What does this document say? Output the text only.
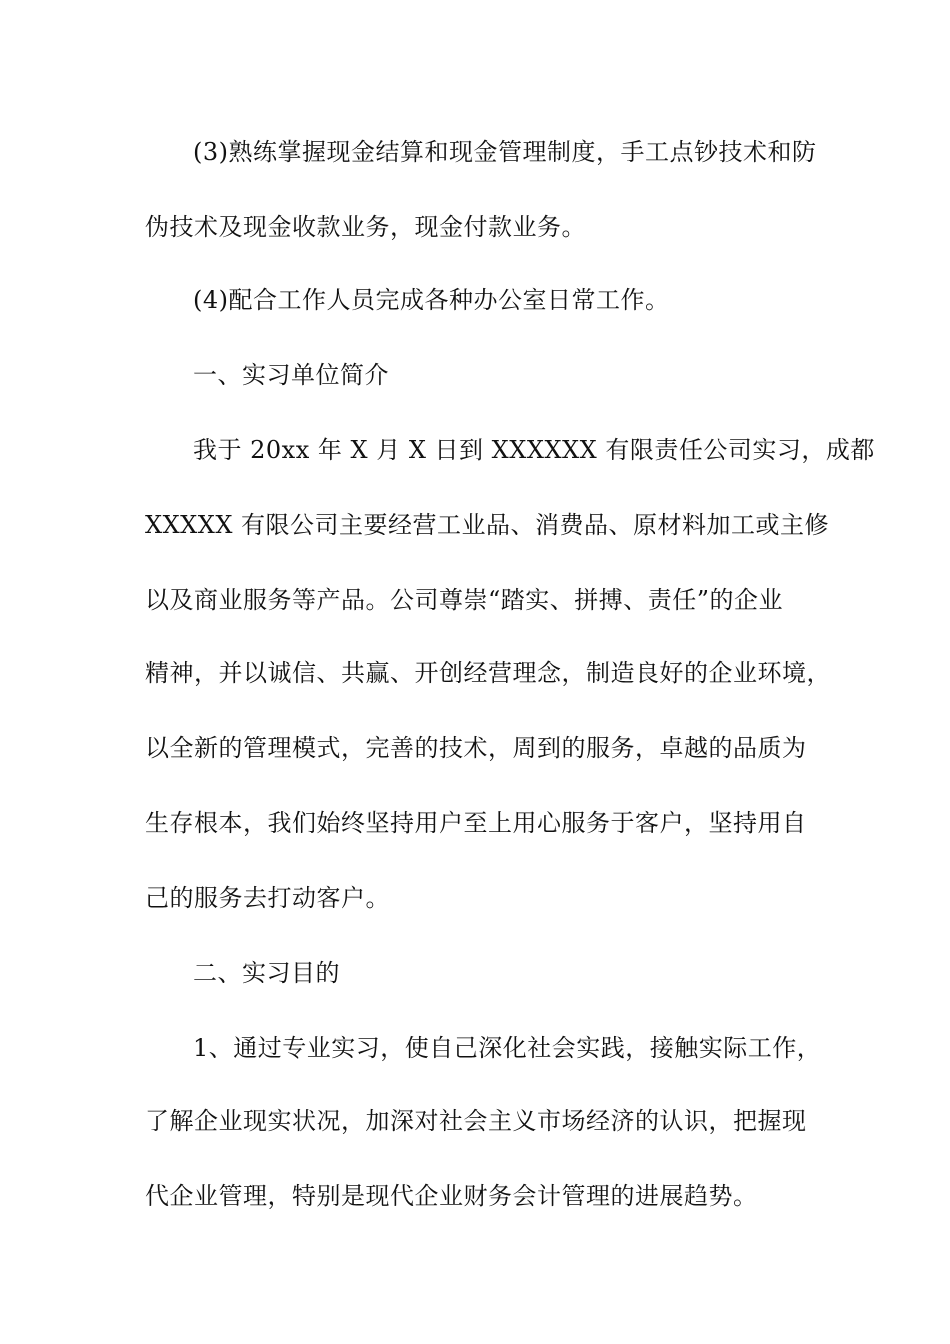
(3)熟练掌握现金结算和现金管理制度，手工点钞技术和防
伪技术及现金收款业务，现金付款业务。
(4)配合工作人员完成各种办公室日常工作。
一、实习单位简介
我于 20xx 年 X 月 X 日到 XXXXXX 有限责任公司实习，成都
XXXXX 有限公司主要经营工业品、消费品、原材料加工或主修
以及商业服务等产品。公司尊崇“踏实、拼搏、责任”的企业
精神，并以诚信、共赢、开创经营理念，制造良好的企业环境，
以全新的管理模式，完善的技术，周到的服务，卓越的品质为
生存根本，我们始终坚持用户至上用心服务于客户，坚持用自
己的服务去打动客户。
二、实习目的
1、通过专业实习，使自己深化社会实践，接触实际工作，
了解企业现实状况，加深对社会主义市场经济的认识，把握现
代企业管理，特别是现代企业财务会计管理的进展趋势。
